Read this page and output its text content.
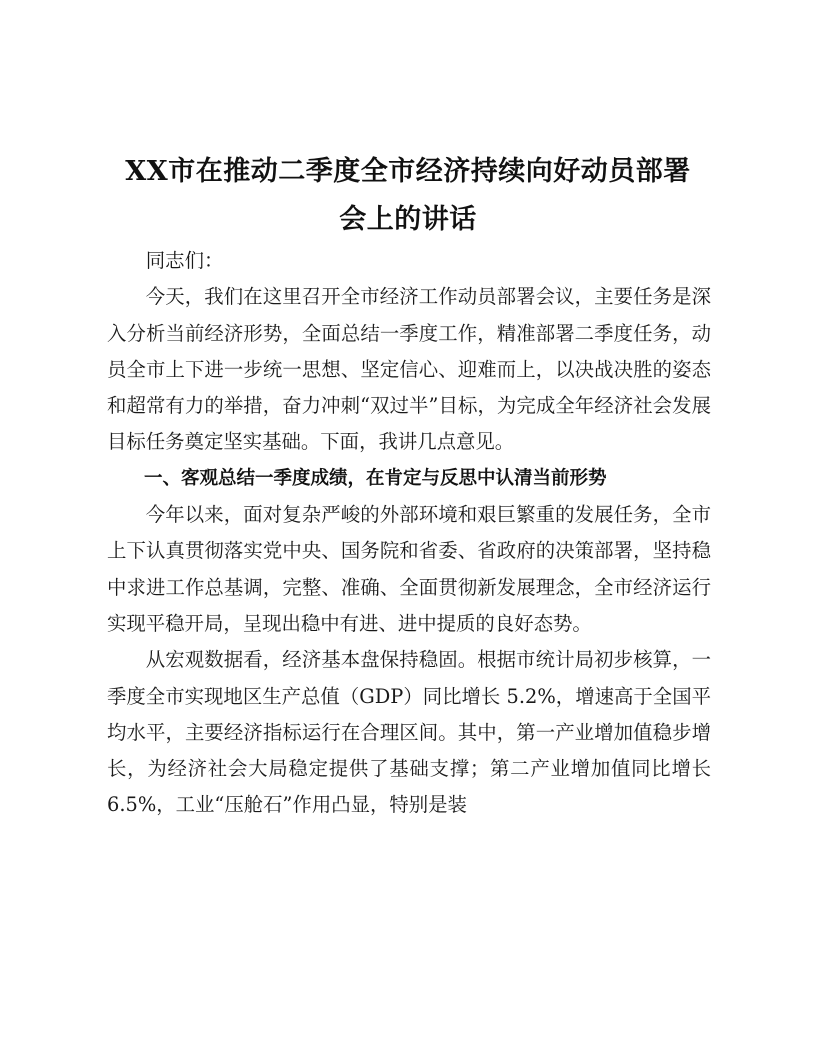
XX市在推动二季度全市经济持续向好动员部署
会上的讲话

同志们：

今天，我们在这里召开全市经济工作动员部署会议，主要任务是深入分析当前经济形势，全面总结一季度工作，精准部署二季度任务，动员全市上下进一步统一思想、坚定信心、迎难而上，以决战决胜的姿态和超常有力的举措，奋力冲刺“双过半”目标，为完成全年经济社会发展目标任务奠定坚实基础。下面，我讲几点意见。

一、客观总结一季度成绩，在肯定与反思中认清当前形势

今年以来，面对复杂严峻的外部环境和艰巨繁重的发展任务，全市上下认真贯彻落实党中央、国务院和省委、省政府的决策部署，坚持稳中求进工作总基调，完整、准确、全面贯彻新发展理念，全市经济运行实现平稳开局，呈现出稳中有进、进中提质的良好态势。

从宏观数据看，经济基本盘保持稳固。根据市统计局初步核算，一季度全市实现地区生产总值（GDP）同比增长 5.2%，增速高于全国平均水平，主要经济指标运行在合理区间。其中，第一产业增加值稳步增长，为经济社会大局稳定提供了基础支撑；第二产业增加值同比增长 6.5%，工业“压舱石”作用凸显，特别是装
